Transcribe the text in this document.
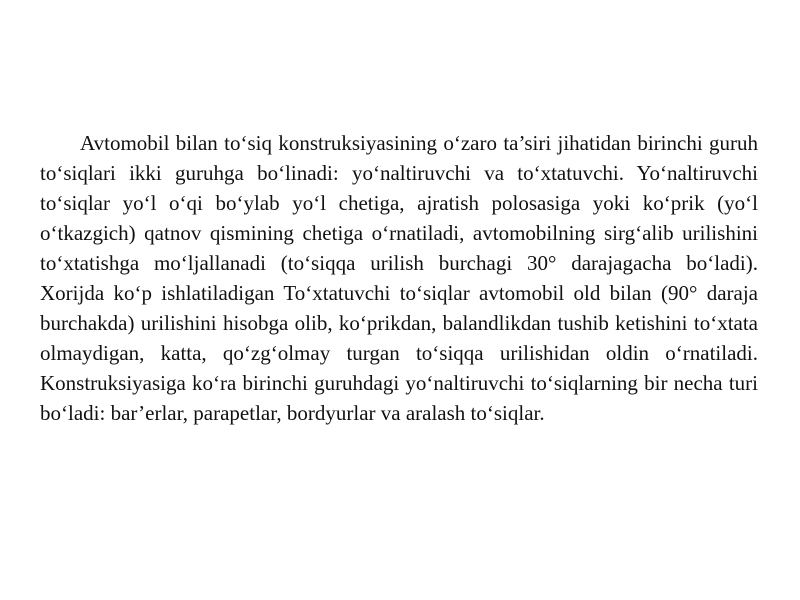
Avtomobil bilan to‘siq konstruksiyasining o‘zaro ta’siri jihatidan birinchi guruh to‘siqlari ikki guruhga bo‘linadi: yo‘naltiruvchi va to‘xtatuvchi. Yo‘naltiruvchi to‘siqlar yo‘l o‘qi bo‘ylab yo‘l chetiga, ajratish polosasiga yoki ko‘prik (yo‘l o‘tkazgich) qatnov qismining chetiga o‘rnatiladi, avtomobilning sirg‘alib urilishini to‘xtatishga mo‘ljallanadi (to‘siqqa urilish burchagi 30° darajagacha bo‘ladi). Xorijda ko‘p ishlatiladigan To‘xtatuvchi to‘siqlar avtomobil old bilan (90° daraja burchakda) urilishini hisobga olib, ko‘prikdan, balandlikdan tushib ketishini to‘xtata olmaydigan, katta, qo‘zg‘olmay turgan to‘siqqa urilishidan oldin o‘rnatiladi. Konstruksiyasiga ko‘ra birinchi guruhdagi yo‘naltiruvchi to‘siqlarning bir necha turi bo‘ladi: bar’erlar, parapetlar, bordyurlar va aralash to‘siqlar.
